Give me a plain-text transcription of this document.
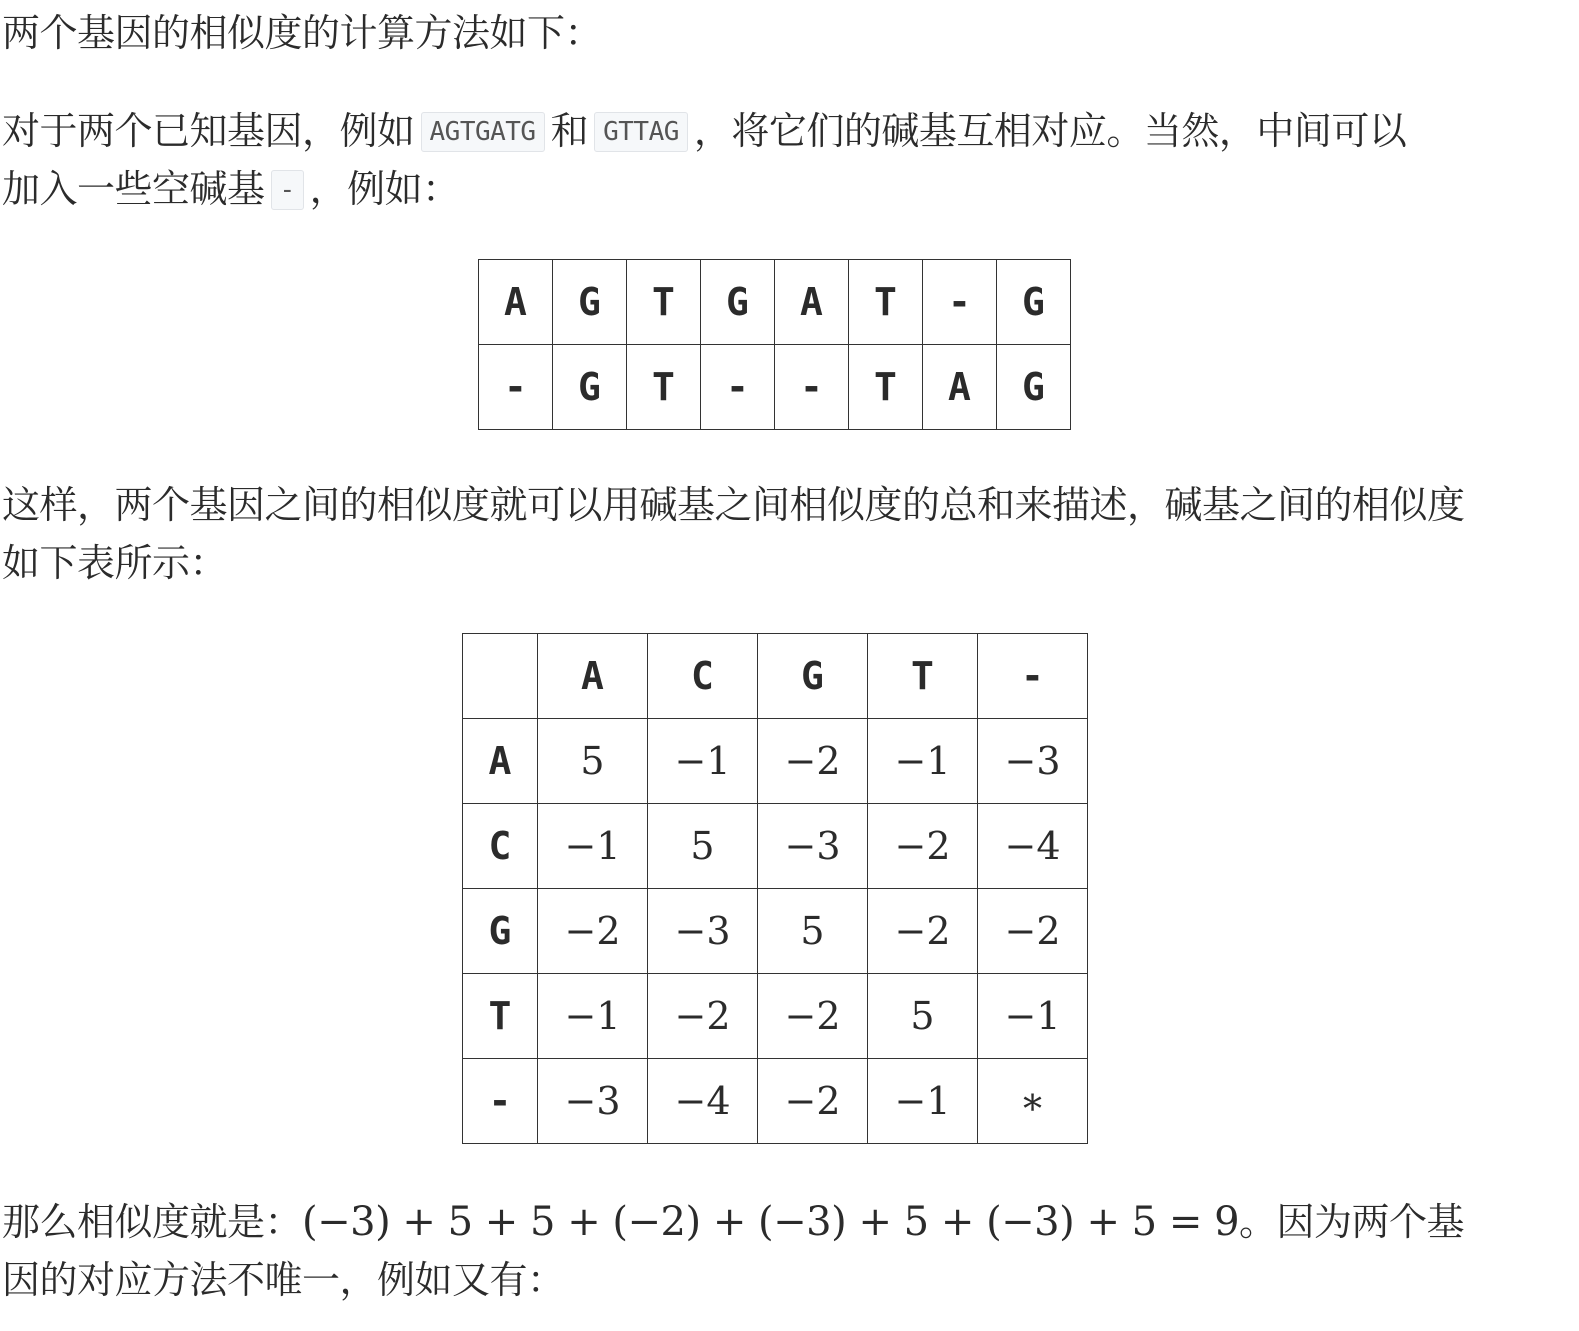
两个基因的相似度的计算方法如下：
对于两个已知基因，例如 AGTGATG 和 GTTAG ，将它们的碱基互相对应。当然，中间可以
加入一些空碱基 - ，例如：
A	G	T	G	A	T	-	G
-	G	T	-	-	T	A	G
这样，两个基因之间的相似度就可以用碱基之间相似度的总和来描述，碱基之间的相似度
如下表所示：
	A	C	G	T	-
A	5	−1	−2	−1	−3
C	−1	5	−3	−2	−4
G	−2	−3	5	−2	−2
T	−1	−2	−2	5	−1
-	−3	−4	−2	−1	∗
那么相似度就是：(−3) + 5 + 5 + (−2) + (−3) + 5 + (−3) + 5 = 9。因为两个基
因的对应方法不唯一，例如又有：
